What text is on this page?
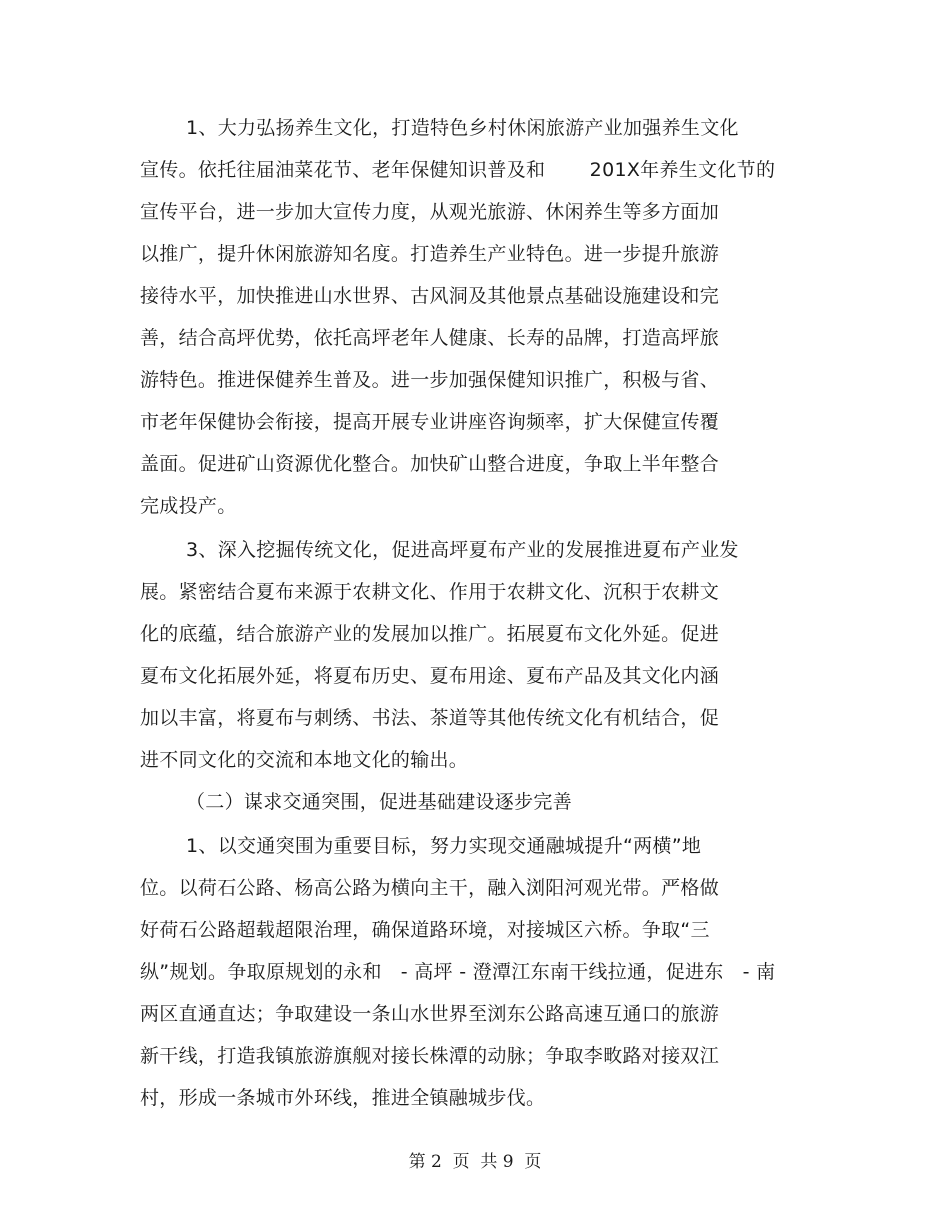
1、大力弘扬养生文化，打造特色乡村休闲旅游产业加强养生文化
宣传。依托往届油菜花节、老年保健知识普及和       201X年养生文化节的
宣传平台，进一步加大宣传力度，从观光旅游、休闲养生等多方面加
以推广，提升休闲旅游知名度。打造养生产业特色。进一步提升旅游
接待水平，加快推进山水世界、古风洞及其他景点基础设施建设和完
善，结合高坪优势，依托高坪老年人健康、长寿的品牌，打造高坪旅
游特色。推进保健养生普及。进一步加强保健知识推广，积极与省、
市老年保健协会衔接，提高开展专业讲座咨询频率，扩大保健宣传覆
盖面。促进矿山资源优化整合。加快矿山整合进度，争取上半年整合
完成投产。
3、深入挖掘传统文化，促进高坪夏布产业的发展推进夏布产业发
展。紧密结合夏布来源于农耕文化、作用于农耕文化、沉积于农耕文
化的底蕴，结合旅游产业的发展加以推广。拓展夏布文化外延。促进
夏布文化拓展外延，将夏布历史、夏布用途、夏布产品及其文化内涵
加以丰富，将夏布与刺绣、书法、茶道等其他传统文化有机结合，促
进不同文化的交流和本地文化的输出。
（二）谋求交通突围，促进基础建设逐步完善
1、以交通突围为重要目标，努力实现交通融城提升“两横”地
位。以荷石公路、杨高公路为横向主干，融入浏阳河观光带。严格做
好荷石公路超载超限治理，确保道路环境，对接城区六桥。争取“三
纵”规划。争取原规划的永和   - 高坪 - 澄潭江东南干线拉通，促进东   - 南
两区直通直达；争取建设一条山水世界至浏东公路高速互通口的旅游
新干线，打造我镇旅游旗舰对接长株潭的动脉；争取李畋路对接双江
村，形成一条城市外环线，推进全镇融城步伐。
第 2  页  共 9  页
